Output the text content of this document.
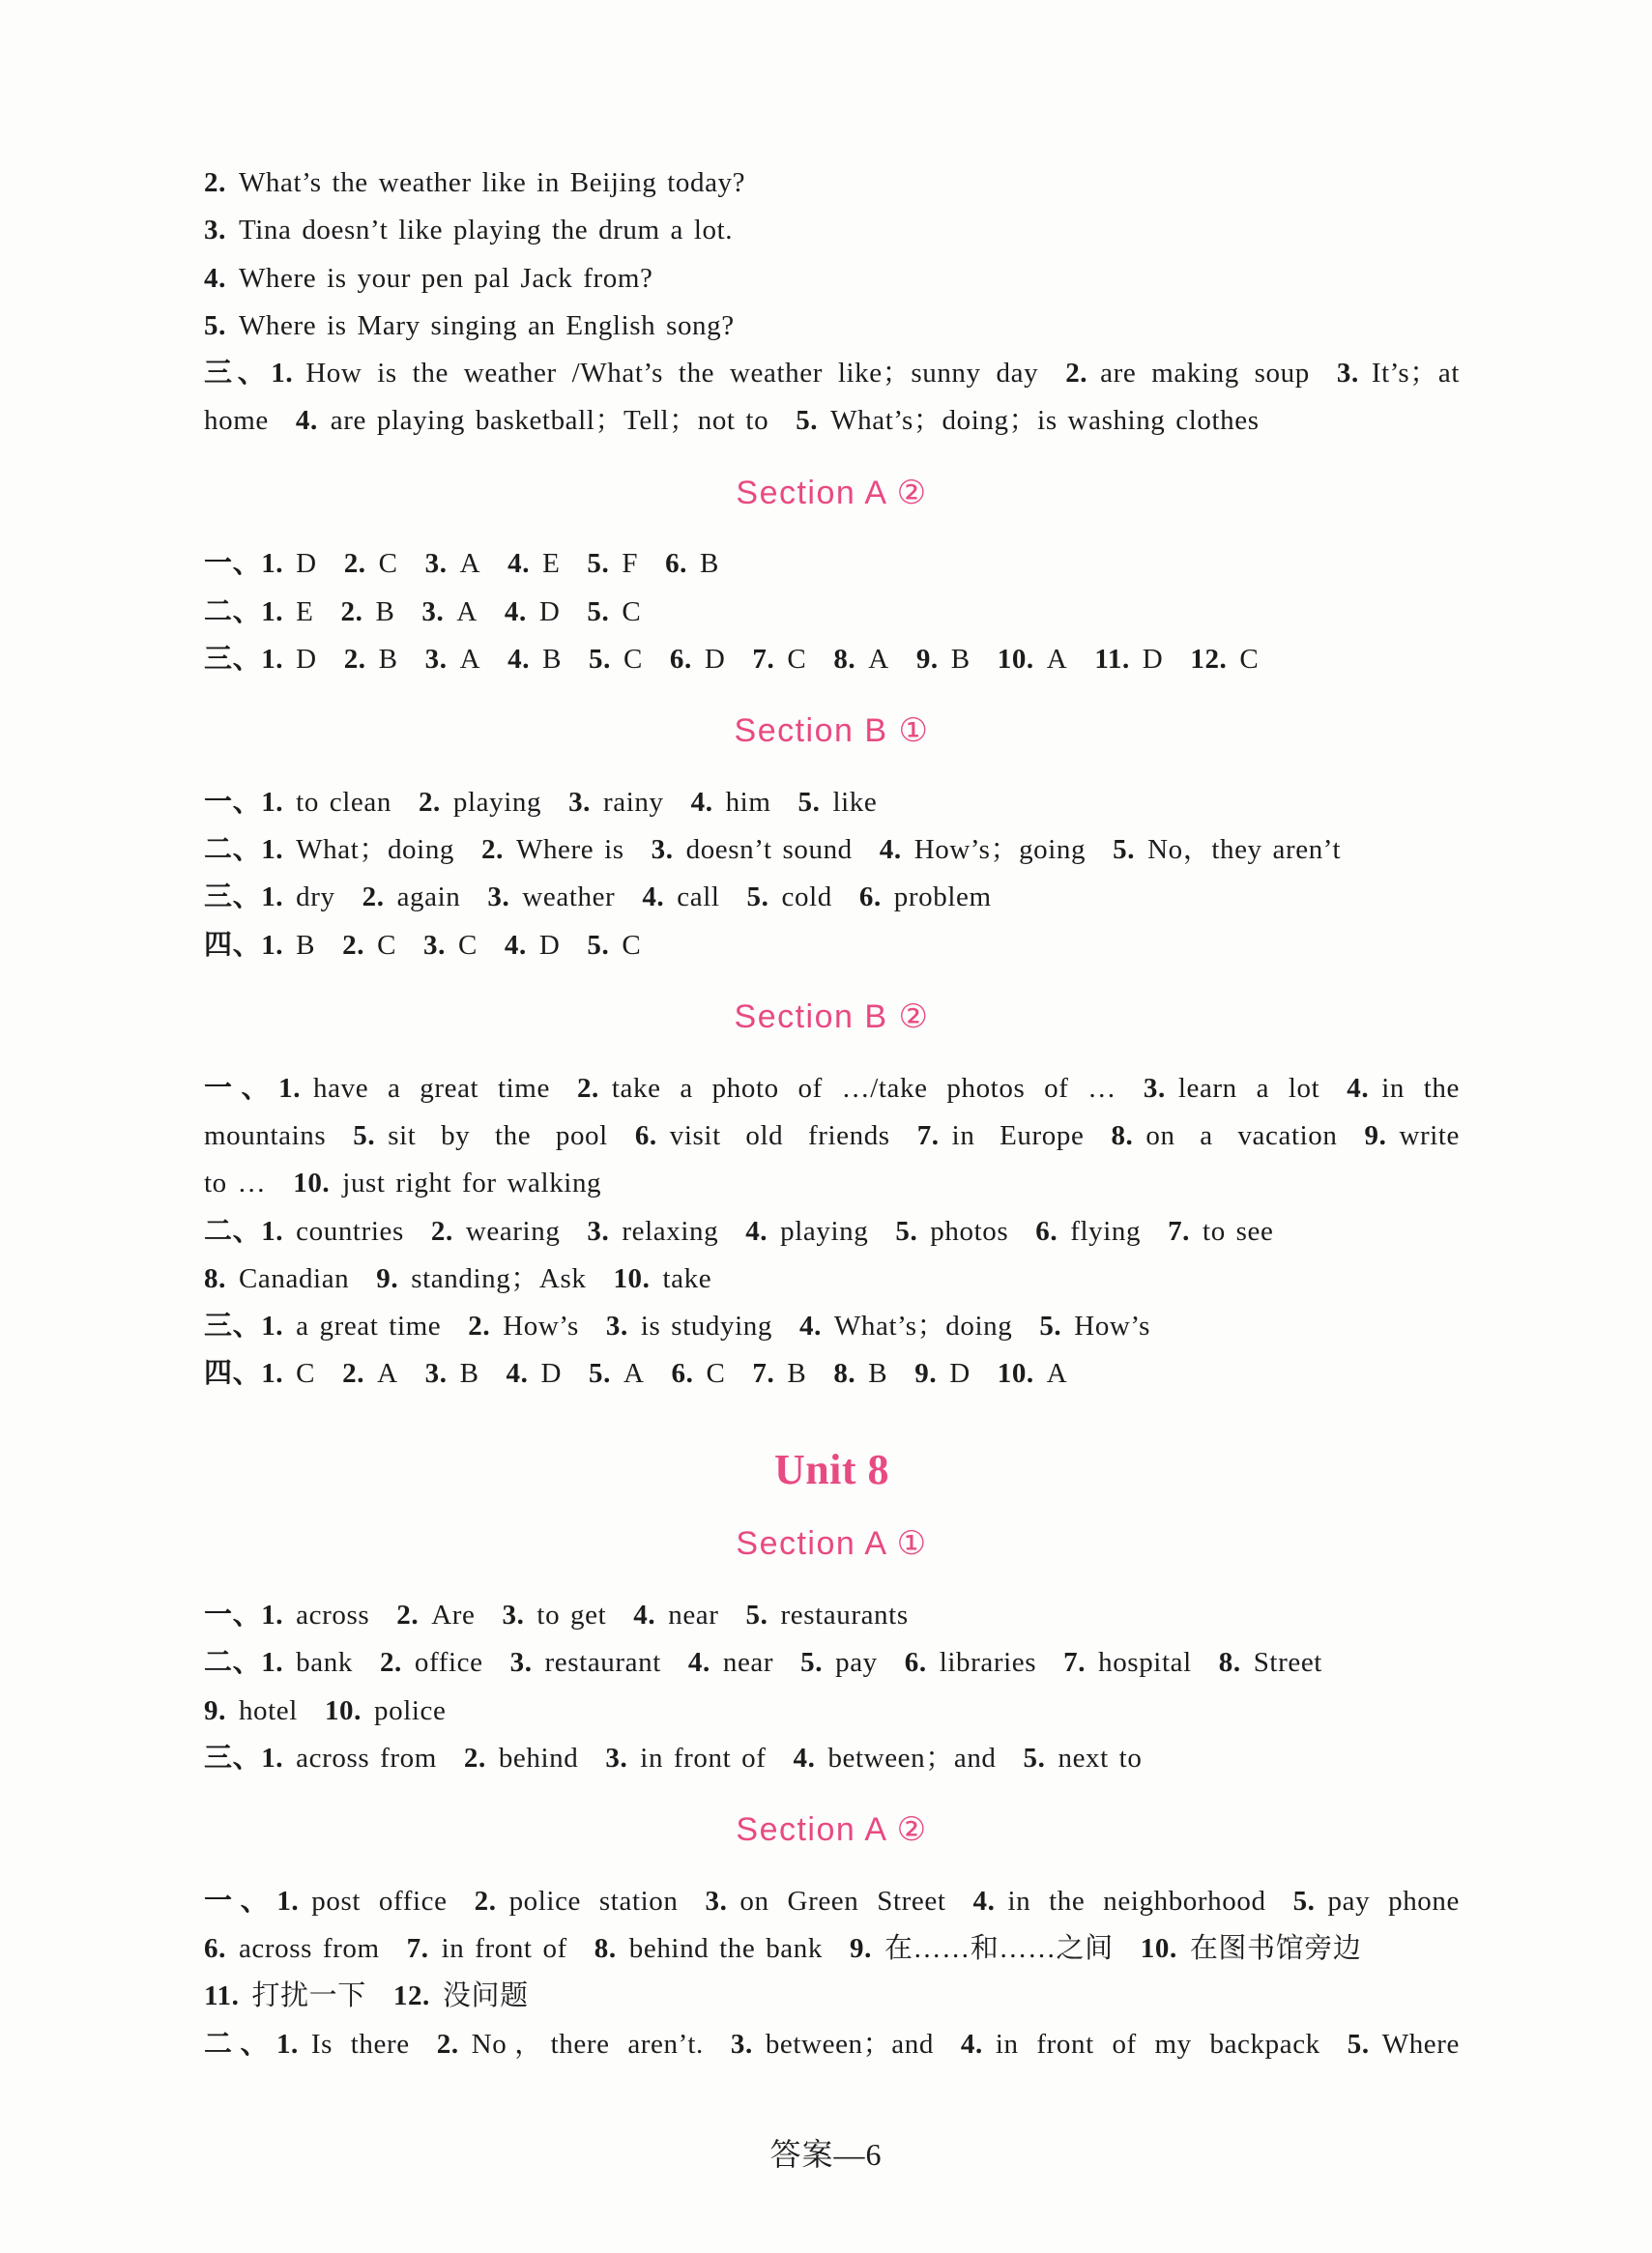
2. What’s the weather like in Beijing today?
3. Tina doesn’t like playing the drum a lot.
4. Where is your pen pal Jack from?
5. Where is Mary singing an English song?
三、1. How is the weather /What’s the weather like；sunny day 2. are making soup 3. It’s；at
home 4. are playing basketball；Tell；not to 5. What’s；doing；is washing clothes
Section A ②
一、1. D 2. C 3. A 4. E 5. F 6. B
二、1. E 2. B 3. A 4. D 5. C
三、1. D 2. B 3. A 4. B 5. C 6. D 7. C 8. A 9. B 10. A 11. D 12. C
Section B ①
一、1. to clean 2. playing 3. rainy 4. him 5. like
二、1. What；doing 2. Where is 3. doesn’t sound 4. How’s；going 5. No，they aren’t
三、1. dry 2. again 3. weather 4. call 5. cold 6. problem
四、1. B 2. C 3. C 4. D 5. C
Section B ②
一、1. have a great time 2. take a photo of …/take photos of … 3. learn a lot 4. in the
mountains 5. sit by the pool 6. visit old friends 7. in Europe 8. on a vacation 9. write
to … 10. just right for walking
二、1. countries 2. wearing 3. relaxing 4. playing 5. photos 6. flying 7. to see
8. Canadian 9. standing；Ask 10. take
三、1. a great time 2. How’s 3. is studying 4. What’s；doing 5. How’s
四、1. C 2. A 3. B 4. D 5. A 6. C 7. B 8. B 9. D 10. A
Unit 8
Section A ①
一、1. across 2. Are 3. to get 4. near 5. restaurants
二、1. bank 2. office 3. restaurant 4. near 5. pay 6. libraries 7. hospital 8. Street
9. hotel 10. police
三、1. across from 2. behind 3. in front of 4. between；and 5. next to
Section A ②
一、1. post office 2. police station 3. on Green Street 4. in the neighborhood 5. pay phone
6. across from 7. in front of 8. behind the bank 9. 在……和……之间 10. 在图书馆旁边
11. 打扰一下 12. 没问题
二、1. Is there 2. No，there aren’t. 3. between；and 4. in front of my backpack 5. Where
答案—6
